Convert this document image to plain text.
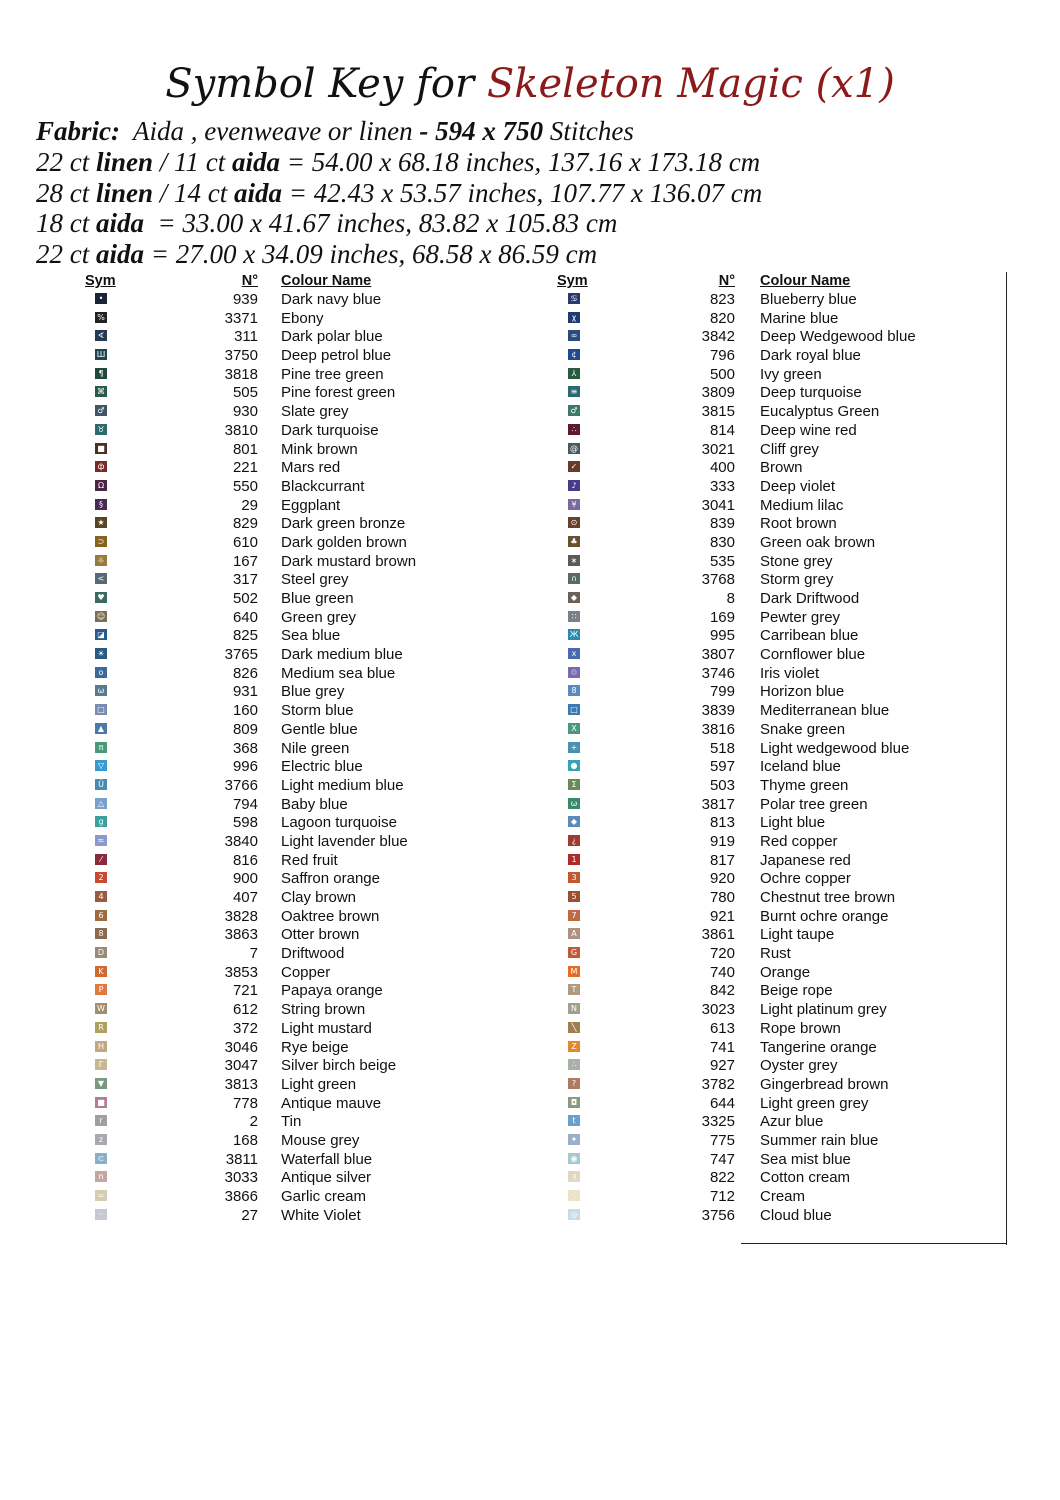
Symbol Key for Skeleton Magic (x1)
Fabric: Aida , evenweave or linen - 594 x 750 Stitches
22 ct linen / 11 ct aida = 54.00 x 68.18 inches, 137.16 x 173.18 cm
28 ct linen / 14 ct aida = 42.43 x 53.57 inches, 107.77 x 136.07 cm
18 ct aida = 33.00 x 41.67 inches, 83.82 x 105.83 cm
22 ct aida = 27.00 x 34.09 inches, 68.58 x 86.59 cm
Sym	N° Colour Name
•	939 Dark navy blue
%	3371 Ebony
∢	311 Dark polar blue
Ш	3750 Deep petrol blue
¶	3818 Pine tree green
⌘	505 Pine forest green
♂	930 Slate grey
♉	3810 Dark turquoise
■	801 Mink brown
ф	221 Mars red
Ω	550 Blackcurrant
§	29 Eggplant
★	829 Dark green bronze
⊃	610 Dark golden brown
☼	167 Dark mustard brown
<	317 Steel grey
♥	502 Blue green
☺	640 Green grey
◪	825 Sea blue
☀	3765 Dark medium blue
o	826 Medium sea blue
ω	931 Blue grey
□	160 Storm blue
▲	809 Gentle blue
π	368 Nile green
▽	996 Electric blue
Ü	3766 Light medium blue
△	794 Baby blue
g	598 Lagoon turquoise
≈	3840 Light lavender blue
⁄	816 Red fruit
2	900 Saffron orange
4	407 Clay brown
6	3828 Oaktree brown
8	3863 Otter brown
D	7 Driftwood
K	3853 Copper
P	721 Papaya orange
W	612 String brown
R	372 Light mustard
H	3046 Rye beige
Γ	3047 Silver birch beige
▼	3813 Light green
■	778 Antique mauve
r	2 Tin
z	168 Mouse grey
⊂	3811 Waterfall blue
n	3033 Antique silver
=	3866 Garlic cream
··	27 White Violet
Sym	N° Colour Name
♋	823 Blueberry blue
χ	820 Marine blue
∞	3842 Deep Wedgewood blue
¢	796 Dark royal blue
⅄	500 Ivy green
≡	3809 Deep turquoise
♂	3815 Eucalyptus Green
∴	814 Deep wine red
@	3021 Cliff grey
✓	400 Brown
♪	333 Deep violet
¥	3041 Medium lilac
⊙	839 Root brown
♣	830 Green oak brown
∗	535 Stone grey
∩	3768 Storm grey
◆	8 Dark Driftwood
∷	169 Pewter grey
Ж	995 Carribean blue
x	3807 Cornflower blue
♲	3746 Iris violet
8	799 Horizon blue
□	3839 Mediterranean blue
X	3816 Snake green
+	518 Light wedgewood blue
●	597 Iceland blue
Σ	503 Thyme green
ω	3817 Polar tree green
◆	813 Light blue
¿	919 Red copper
1	817 Japanese red
3	920 Ochre copper
5	780 Chestnut tree brown
7	921 Burnt ochre orange
A	3861 Light taupe
G	720 Rust
M	740 Orange
T	842 Beige rope
N	3023 Light platinum grey
╲	613 Rope brown
Z	741 Tangerine orange
∴	927 Oyster grey
?	3782 Gingerbread brown
◘	644 Light green grey
t	3325 Azur blue
✦	775 Summer rain blue
◉	747 Sea mist blue
॥	822 Cotton cream
·.	712 Cream
◎	3756 Cloud blue
